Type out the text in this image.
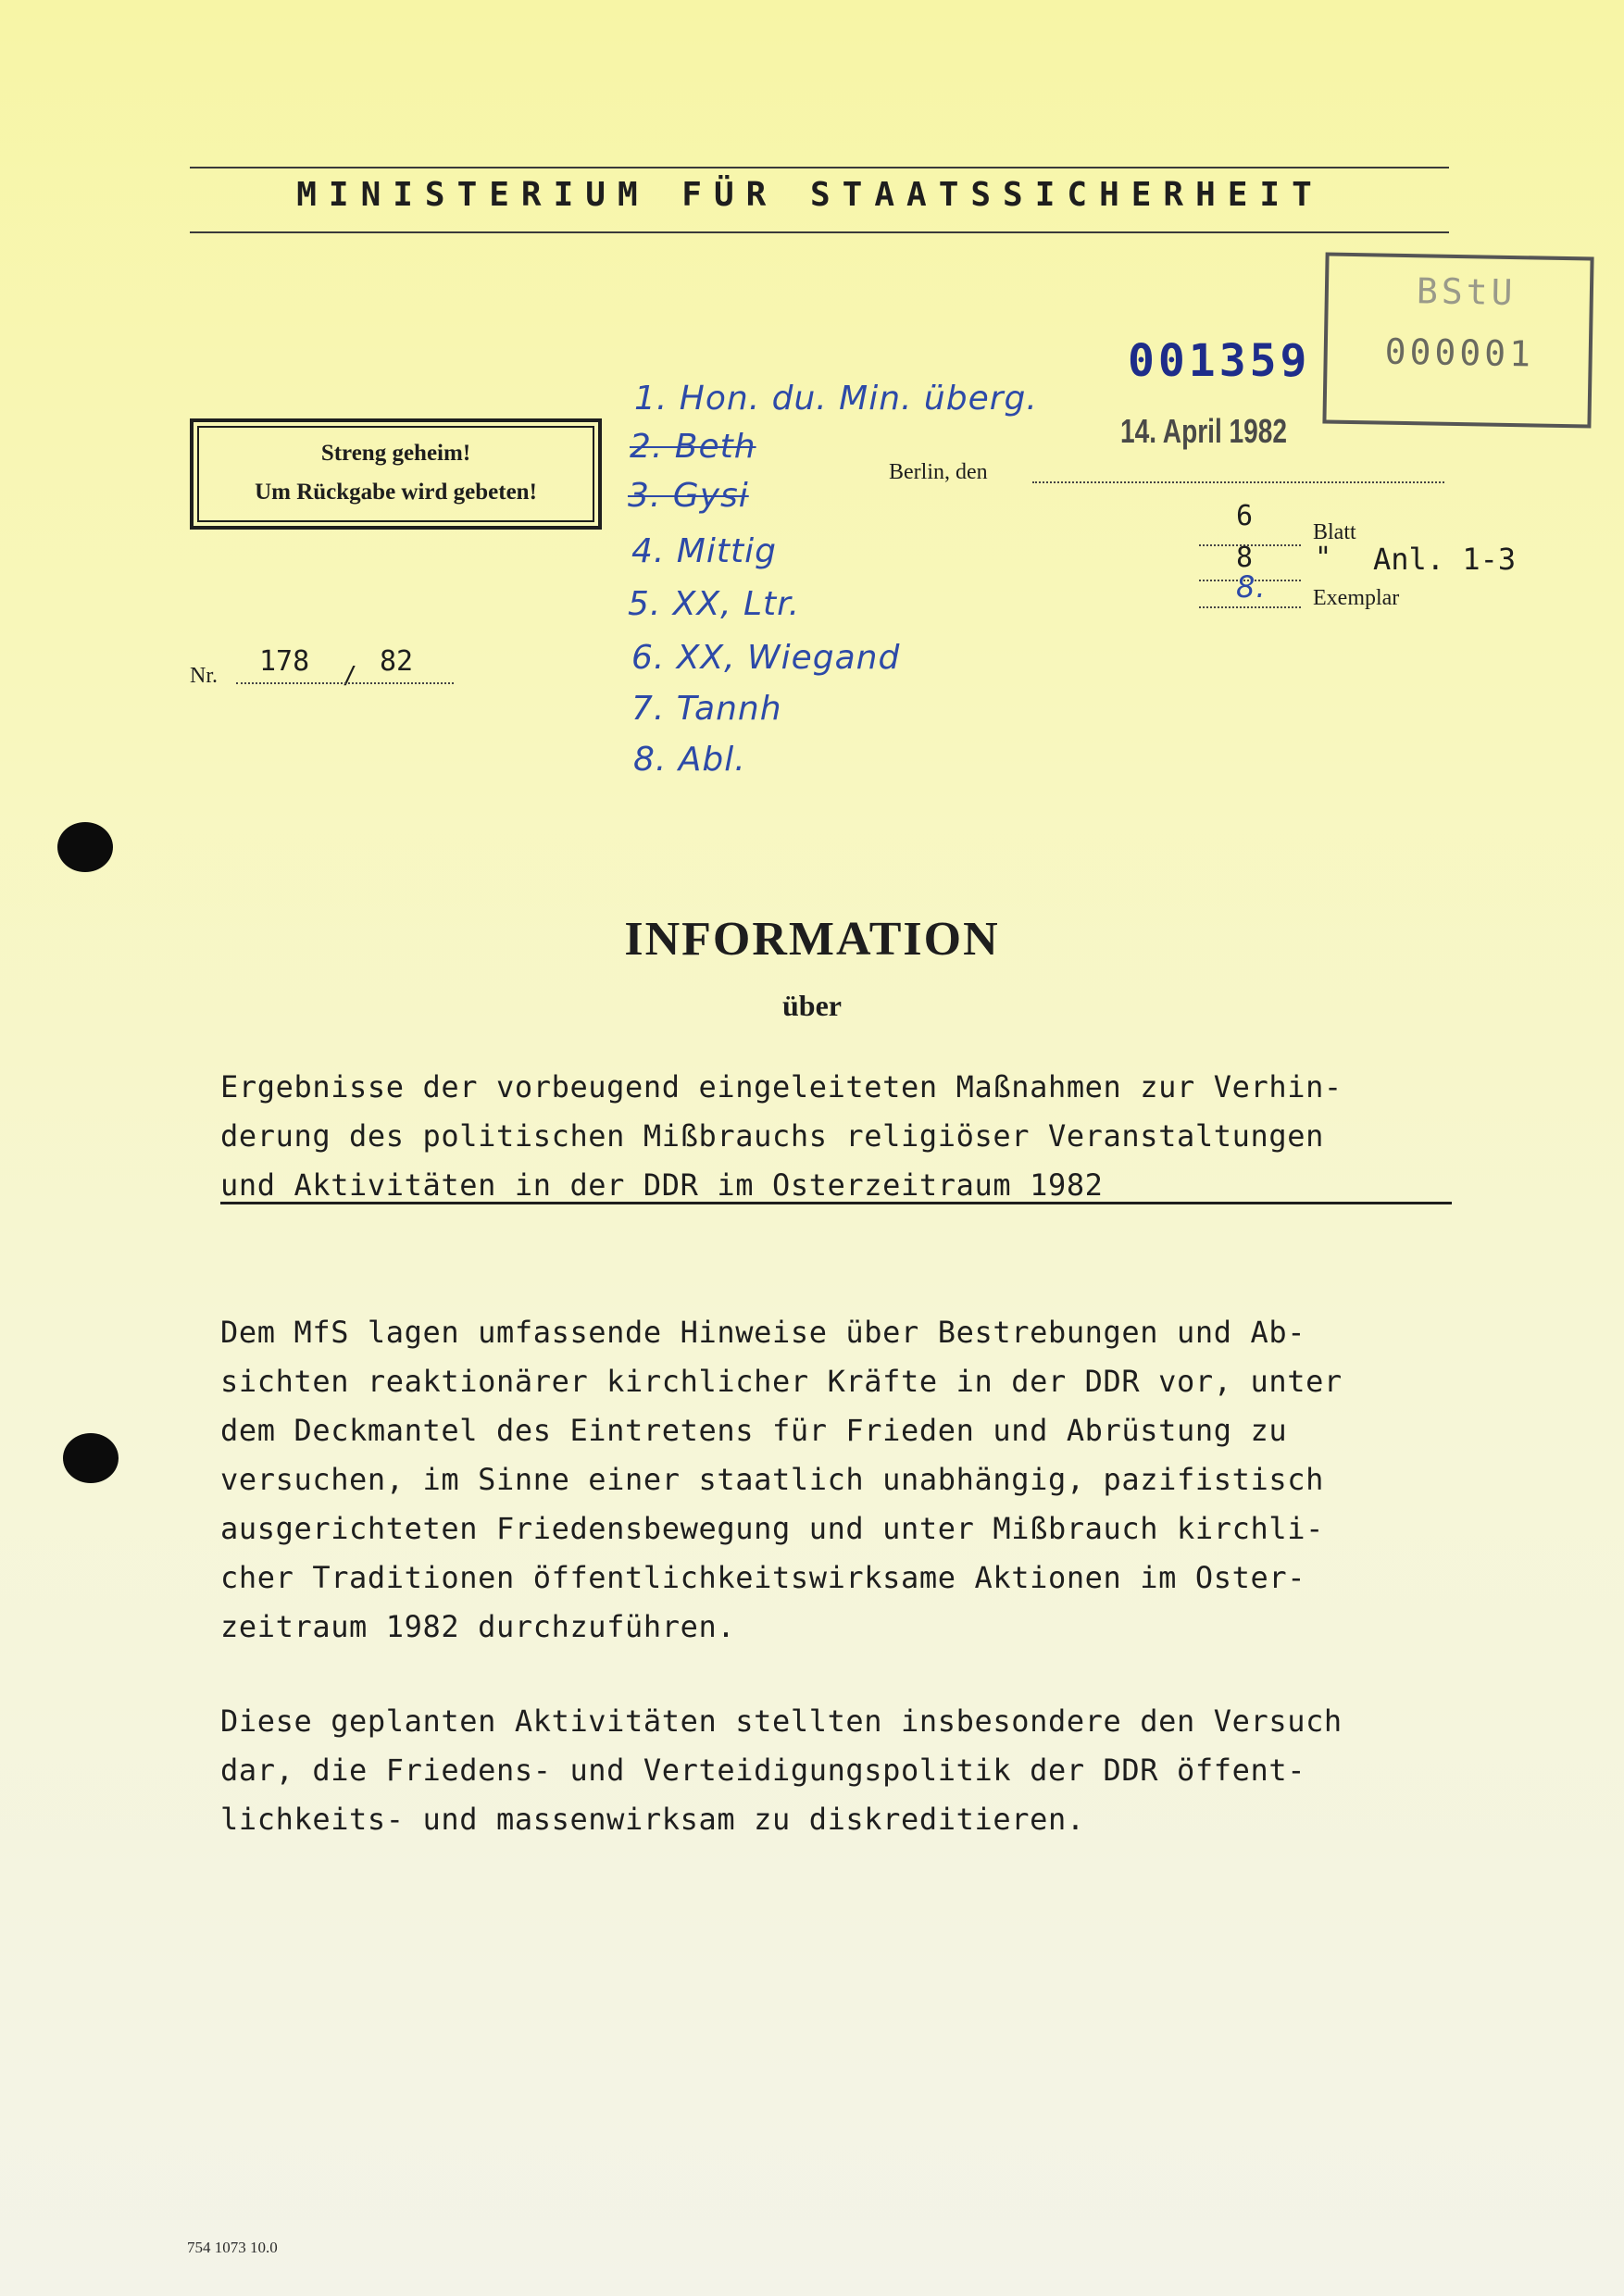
MINISTERIUM FÜR STAATSSICHERHEIT
BStU
000001
001359
14. April 1982
Streng geheim!
Um Rückgabe wird gebeten!
1. Hon. du. Min. überg.
2. Beth
3. Gysi
4. Mittig
5. XX, Ltr.
6. XX, Wiegand
7. Tannh
8. Abl.
Berlin, den
6	Blatt
8 " Anl. 1-3
8. Exemplar
Nr. 178 / 82
INFORMATION
über
Ergebnisse der vorbeugend eingeleiteten Maßnahmen zur Verhin-
derung des politischen Mißbrauchs religiöser Veranstaltungen
und Aktivitäten in der DDR im Osterzeitraum 1982
Dem MfS lagen umfassende Hinweise über Bestrebungen und Ab-
sichten reaktionärer kirchlicher Kräfte in der DDR vor, unter
dem Deckmantel des Eintretens für Frieden und Abrüstung zu
versuchen, im Sinne einer staatlich unabhängig, pazifistisch
ausgerichteten Friedensbewegung und unter Mißbrauch kirchli-
cher Traditionen öffentlichkeitswirksame Aktionen im Oster-
zeitraum 1982 durchzuführen.
Diese geplanten Aktivitäten stellten insbesondere den Versuch
dar, die Friedens- und Verteidigungspolitik der DDR öffent-
lichkeits- und massenwirksam zu diskreditieren.
754 1073 10.0
